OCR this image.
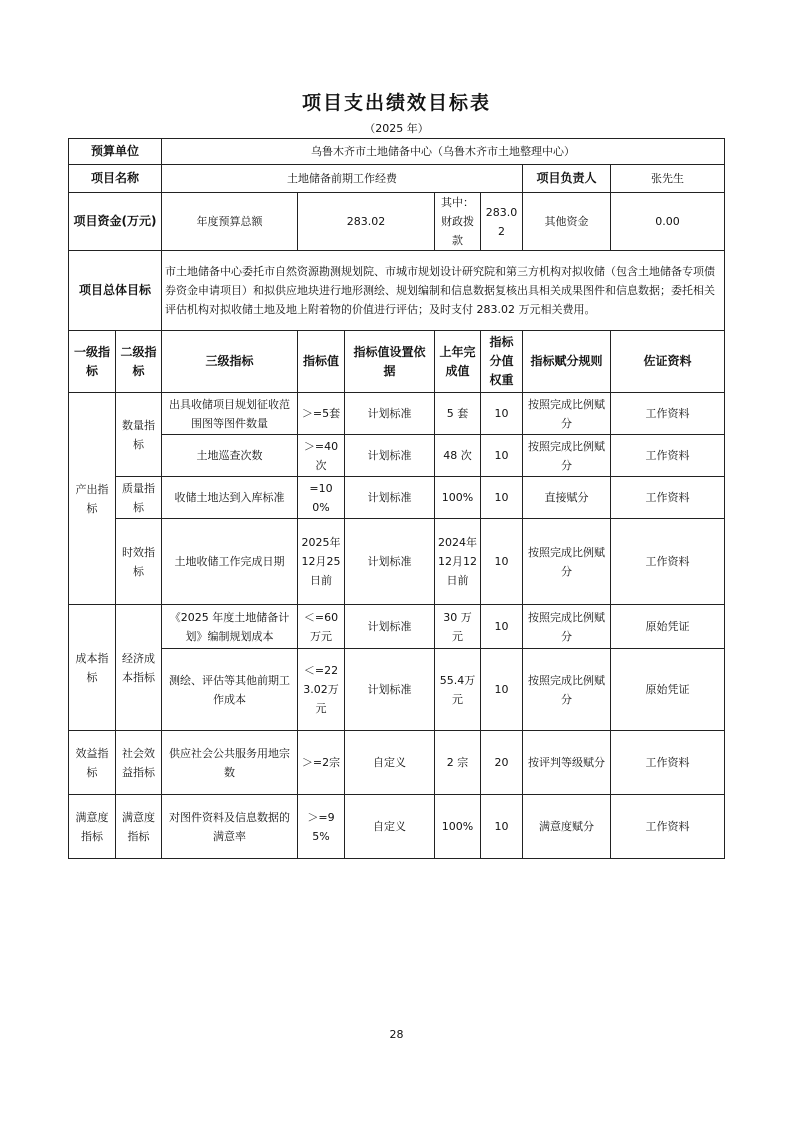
项目支出绩效目标表
（2025 年）
预算单位		乌鲁木齐市土地储备中心（乌鲁木齐市土地整理中心）						
项目名称		土地储备前期工作经费					项目负责人	张先生
项目资金(万元)		年度预算总额	283.02		其中：财政拨款	283.02	其他资金	0.00
项目总体目标		市土地储备中心委托市自然资源勘测规划院、市城市规划设计研究院和第三方机构对拟收储（包含土地储备专项债券资金申请项目）和拟供应地块进行地形测绘、规划编制和信息数据复核出具相关成果图件和信息数据；委托相关评估机构对拟收储土地及地上附着物的价值进行评估；及时支付 283.02 万元相关费用。						
一级指标	二级指标	三级指标	指标值	指标值设置依据	上年完成值	指标分值权重	指标赋分规则	佐证资料
产出指标	数量指标	出具收储项目规划征收范围图等图件数量	＞=5套	计划标准	5 套	10	按照完成比例赋分	工作资料
		土地巡查次数	＞=40次	计划标准	48 次	10	按照完成比例赋分	工作资料
	质量指标	收储土地达到入库标准	=100%	计划标准	100%	10	直接赋分	工作资料
	时效指标	土地收储工作完成日期	2025年12月25日前	计划标准	2024年12月12日前	10	按照完成比例赋分	工作资料
成本指标	经济成本指标	《2025 年度土地储备计划》编制规划成本	＜=60万元	计划标准	30 万元	10	按照完成比例赋分	原始凭证
		测绘、评估等其他前期工作成本	＜=223.02万元	计划标准	55.4万元	10	按照完成比例赋分	原始凭证
效益指标	社会效益指标	供应社会公共服务用地宗数	＞=2宗	自定义	2 宗	20	按评判等级赋分	工作资料
满意度指标	满意度指标	对图件资料及信息数据的满意率	＞=95%	自定义	100%	10	满意度赋分	工作资料
28
